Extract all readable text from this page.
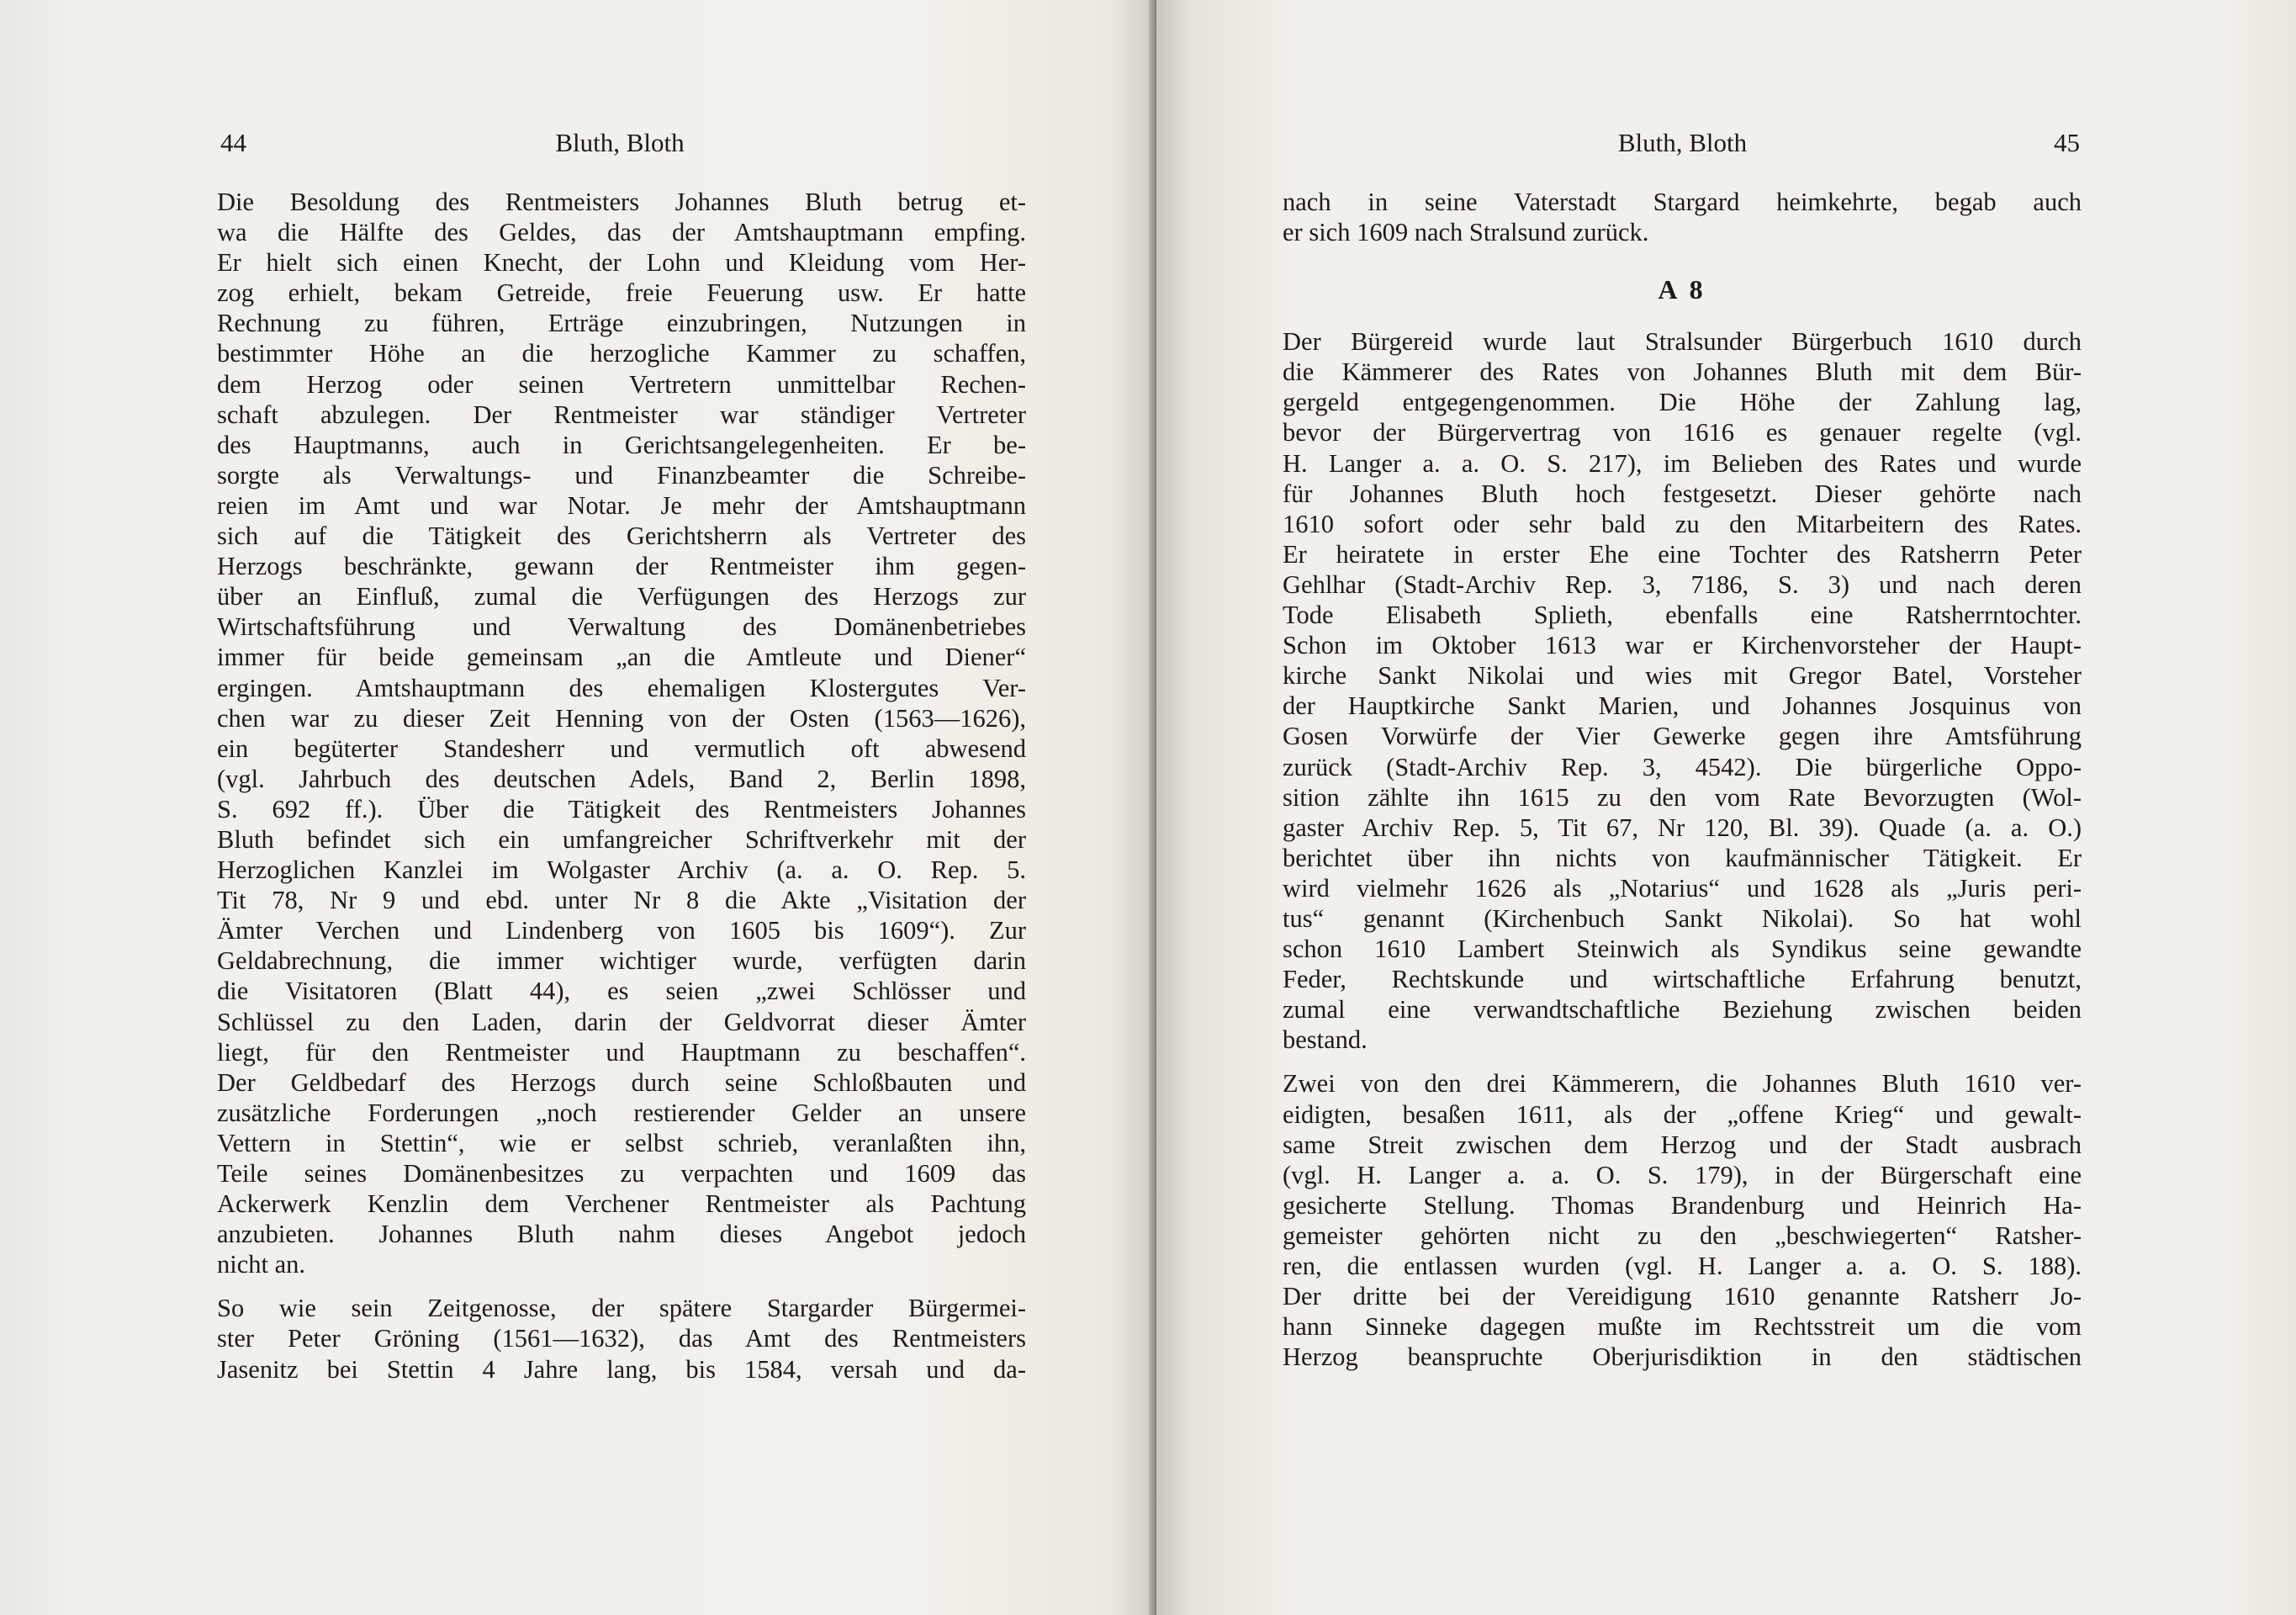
44	Bluth, Bloth
Die Besoldung des Rentmeisters Johannes Bluth betrug et-
wa die Hälfte des Geldes, das der Amtshauptmann empfing.
Er hielt sich einen Knecht, der Lohn und Kleidung vom Her-
zog erhielt, bekam Getreide, freie Feuerung usw. Er hatte
Rechnung zu führen, Erträge einzubringen, Nutzungen in
bestimmter Höhe an die herzogliche Kammer zu schaffen,
dem Herzog oder seinen Vertretern unmittelbar Rechen-
schaft abzulegen. Der Rentmeister war ständiger Vertreter
des Hauptmanns, auch in Gerichtsangelegenheiten. Er be-
sorgte als Verwaltungs- und Finanzbeamter die Schreibe-
reien im Amt und war Notar. Je mehr der Amtshauptmann
sich auf die Tätigkeit des Gerichtsherrn als Vertreter des
Herzogs beschränkte, gewann der Rentmeister ihm gegen-
über an Einfluß, zumal die Verfügungen des Herzogs zur
Wirtschaftsführung und Verwaltung des Domänenbetriebes
immer für beide gemeinsam „an die Amtleute und Diener“
ergingen. Amtshauptmann des ehemaligen Klostergutes Ver-
chen war zu dieser Zeit Henning von der Osten (1563—1626),
ein begüterter Standesherr und vermutlich oft abwesend
(vgl. Jahrbuch des deutschen Adels, Band 2, Berlin 1898,
S. 692 ff.). Über die Tätigkeit des Rentmeisters Johannes
Bluth befindet sich ein umfangreicher Schriftverkehr mit der
Herzoglichen Kanzlei im Wolgaster Archiv (a. a. O. Rep. 5.
Tit 78, Nr 9 und ebd. unter Nr 8 die Akte „Visitation der
Ämter Verchen und Lindenberg von 1605 bis 1609“). Zur
Geldabrechnung, die immer wichtiger wurde, verfügten darin
die Visitatoren (Blatt 44), es seien „zwei Schlösser und
Schlüssel zu den Laden, darin der Geldvorrat dieser Ämter
liegt, für den Rentmeister und Hauptmann zu beschaffen“.
Der Geldbedarf des Herzogs durch seine Schloßbauten und
zusätzliche Forderungen „noch restierender Gelder an unsere
Vettern in Stettin“, wie er selbst schrieb, veranlaßten ihn,
Teile seines Domänenbesitzes zu verpachten und 1609 das
Ackerwerk Kenzlin dem Verchener Rentmeister als Pachtung
anzubieten. Johannes Bluth nahm dieses Angebot jedoch
nicht an.
So wie sein Zeitgenosse, der spätere Stargarder Bürgermei-
ster Peter Gröning (1561—1632), das Amt des Rentmeisters
Jasenitz bei Stettin 4 Jahre lang, bis 1584, versah und da-
Bluth, Bloth	45
nach in seine Vaterstadt Stargard heimkehrte, begab auch
er sich 1609 nach Stralsund zurück.
A 8
Der Bürgereid wurde laut Stralsunder Bürgerbuch 1610 durch
die Kämmerer des Rates von Johannes Bluth mit dem Bür-
gergeld entgegengenommen. Die Höhe der Zahlung lag,
bevor der Bürgervertrag von 1616 es genauer regelte (vgl.
H. Langer a. a. O. S. 217), im Belieben des Rates und wurde
für Johannes Bluth hoch festgesetzt. Dieser gehörte nach
1610 sofort oder sehr bald zu den Mitarbeitern des Rates.
Er heiratete in erster Ehe eine Tochter des Ratsherrn Peter
Gehlhar (Stadt-Archiv Rep. 3, 7186, S. 3) und nach deren
Tode Elisabeth Splieth, ebenfalls eine Ratsherrntochter.
Schon im Oktober 1613 war er Kirchenvorsteher der Haupt-
kirche Sankt Nikolai und wies mit Gregor Batel, Vorsteher
der Hauptkirche Sankt Marien, und Johannes Josquinus von
Gosen Vorwürfe der Vier Gewerke gegen ihre Amtsführung
zurück (Stadt-Archiv Rep. 3, 4542). Die bürgerliche Oppo-
sition zählte ihn 1615 zu den vom Rate Bevorzugten (Wol-
gaster Archiv Rep. 5, Tit 67, Nr 120, Bl. 39). Quade (a. a. O.)
berichtet über ihn nichts von kaufmännischer Tätigkeit. Er
wird vielmehr 1626 als „Notarius“ und 1628 als „Juris peri-
tus“ genannt (Kirchenbuch Sankt Nikolai). So hat wohl
schon 1610 Lambert Steinwich als Syndikus seine gewandte
Feder, Rechtskunde und wirtschaftliche Erfahrung benutzt,
zumal eine verwandtschaftliche Beziehung zwischen beiden
bestand.
Zwei von den drei Kämmerern, die Johannes Bluth 1610 ver-
eidigten, besaßen 1611, als der „offene Krieg“ und gewalt-
same Streit zwischen dem Herzog und der Stadt ausbrach
(vgl. H. Langer a. a. O. S. 179), in der Bürgerschaft eine
gesicherte Stellung. Thomas Brandenburg und Heinrich Ha-
gemeister gehörten nicht zu den „beschwiegerten“ Ratsher-
ren, die entlassen wurden (vgl. H. Langer a. a. O. S. 188).
Der dritte bei der Vereidigung 1610 genannte Ratsherr Jo-
hann Sinneke dagegen mußte im Rechtsstreit um die vom
Herzog beanspruchte Oberjurisdiktion in den städtischen
